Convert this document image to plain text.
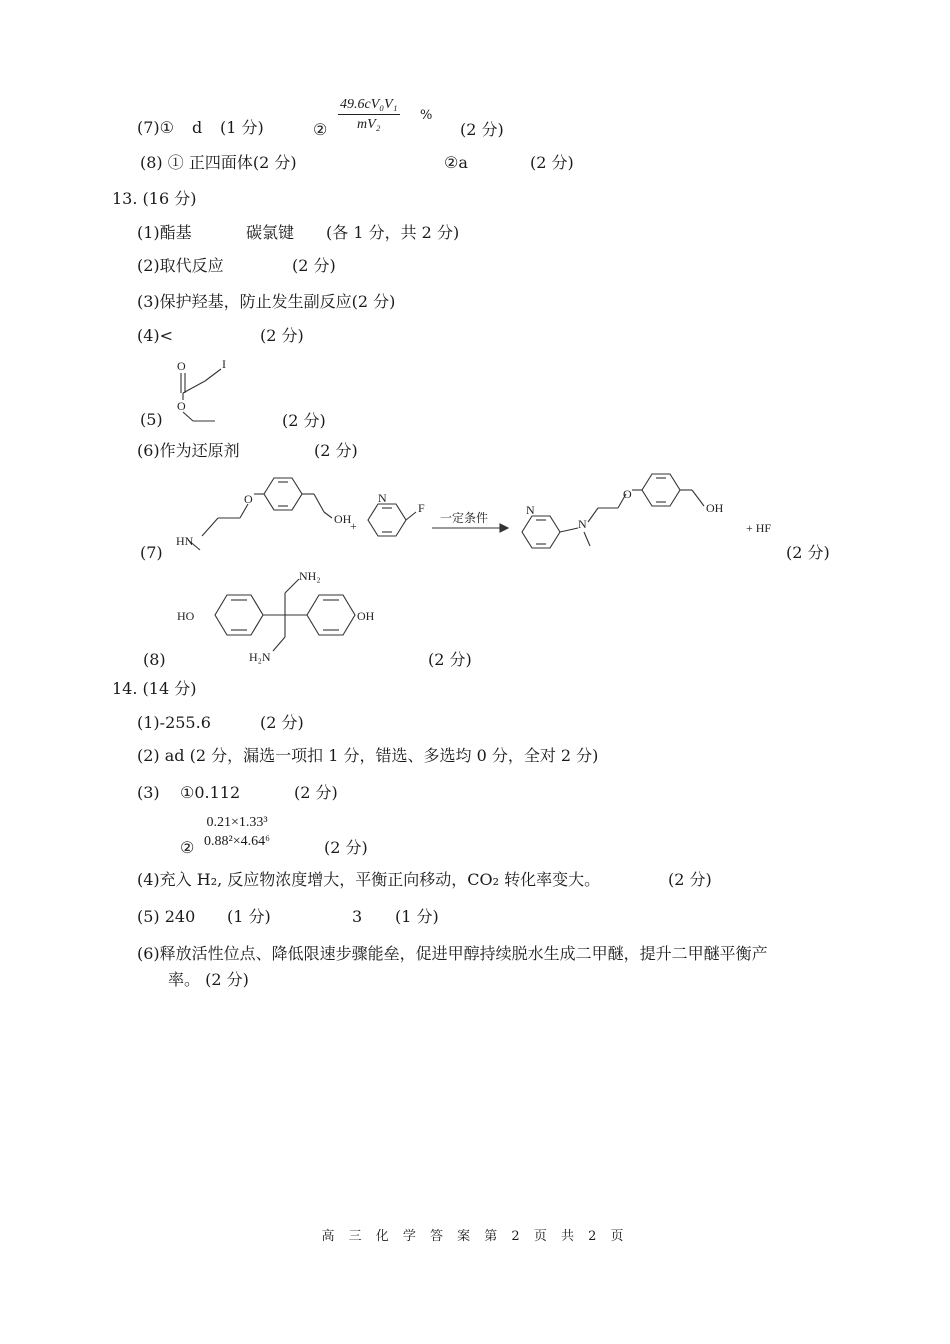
(7)① d (1 分)	② $\frac{\text{49.6cV₀V₁}}{\text{mV₂}}$ %
(2 分)
(8) ① 正四面体(2 分)	②a	(2 分)
13. (16 分)
(1)酯基	碳氯键 (各 1 分，共 2 分)
(2)取代反应	(2 分)
(3)保护羟基，防止发生副反应(2 分)
(4)<	(2 分)
O	I
O
(5)	(2 分)
(6)作为还原剂	(2 分)
HN
O
OH
+
N
F
一定条件
N
N
O
OH
+ HF
(7)	(2 分)
HO	OH
NH₂
H₂N
(8)	(2 分)
14. (14 分)
(1)-255.6	(2 分)
(2) ad (2 分，漏选一项扣 1 分，错选、多选均 0 分，全对 2 分)
(3) ①0.112	(2 分)
②
0.21×1.33³
0.88²×4.64⁶	(2 分)
(4)充入 H₂, 反应物浓度增大，平衡正向移动，CO₂ 转化率变大。	(2 分)
(5) 240 (1 分)	3 (1 分)
(6)释放活性位点、降低限速步骤能垒，促进甲醇持续脱水生成二甲醚，提升二甲醚平衡产
率。 (2 分)
高 三 化 学 答 案 第 2 页 共 2 页
